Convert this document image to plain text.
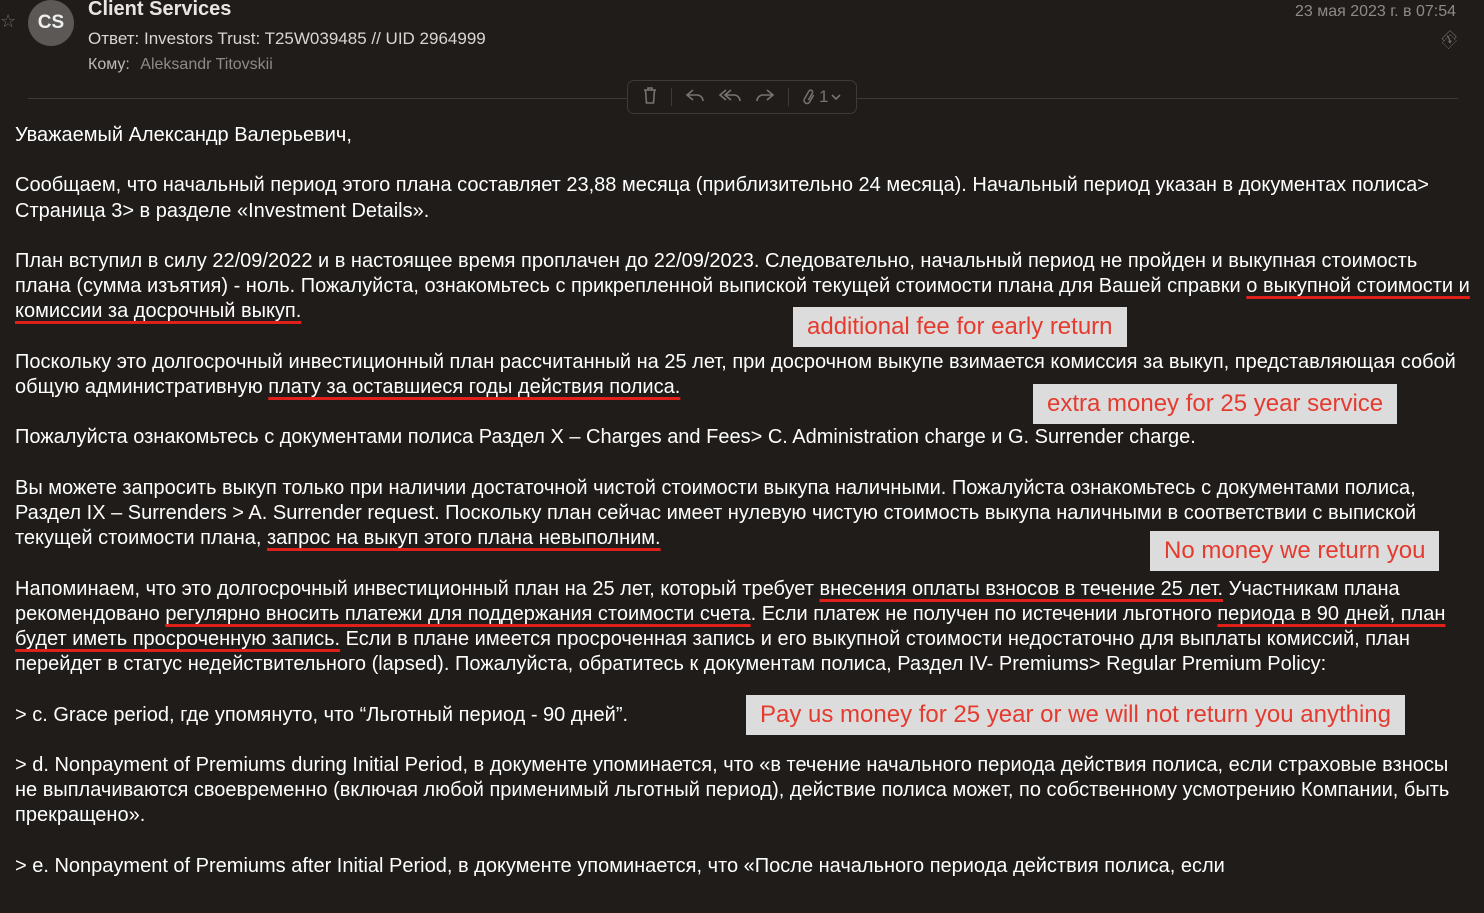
☆ CS
Client Services
Ответ: Investors Trust: T25W039485 // UID 2964999
Кому: Aleksandr Titovskii
23 мая 2023 г. в 07:54
⎘
1

Уважаемый Александр Валерьевич,

Сообщаем, что начальный период этого плана составляет 23,88 месяца (приблизительно 24 месяца). Начальный период указан в документах полиса> Страница 3> в разделе «Investment Details».

План вступил в силу 22/09/2022 и в настоящее время проплачен до 22/09/2023. Следовательно, начальный период не пройден и выкупная стоимость плана (сумма изъятия) - ноль. Пожалуйста, ознакомьтесь с прикрепленной выпиской текущей стоимости плана для Вашей справки о выкупной стоимости и комиссии за досрочный выкуп.

Поскольку это долгосрочный инвестиционный план рассчитанный на 25 лет, при досрочном выкупе взимается комиссия за выкуп, представляющая собой общую административную плату за оставшиеся годы действия полиса.

Пожалуйста ознакомьтесь с документами полиса Раздел X – Charges and Fees> C. Administration charge и G. Surrender charge.

Вы можете запросить выкуп только при наличии достаточной чистой стоимости выкупа наличными. Пожалуйста ознакомьтесь с документами полиса, Раздел IX – Surrenders > A. Surrender request. Поскольку план сейчас имеет нулевую чистую стоимость выкупа наличными в соответствии с выпиской текущей стоимости плана, запрос на выкуп этого плана невыполним.

Напоминаем, что это долгосрочный инвестиционный план на 25 лет, который требует внесения оплаты взносов в течение 25 лет. Участникам плана рекомендовано регулярно вносить платежи для поддержания стоимости счета. Если платеж не получен по истечении льготного периода в 90 дней, план будет иметь просроченную запись. Если в плане имеется просроченная запись и его выкупной стоимости недостаточно для выплаты комиссий, план перейдет в статус недействительного (lapsed). Пожалуйста, обратитесь к документам полиса, Раздел IV- Premiums> Regular Premium Policy:

> c. Grace period, где упомянуто, что “Льготный период - 90 дней”.

> d. Nonpayment of Premiums during Initial Period, в документе упоминается, что «в течение начального периода действия полиса, если страховые взносы не выплачиваются своевременно (включая любой применимый льготный период), действие полиса может, по собственному усмотрению Компании, быть прекращено».

> e. Nonpayment of Premiums after Initial Period, в документе упоминается, что «После начального периода действия полиса, если

additional fee for early return
extra money for 25 year service
No money we return you
Pay us money for 25 year or we will not return you anything
